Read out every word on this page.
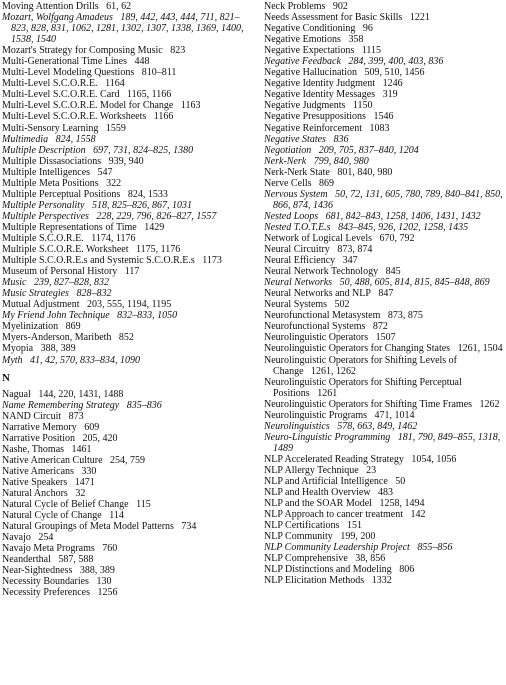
Moving Attention Drills 61, 62
Mozart, Wolfgang Amadeus 189, 442, 443, 444, 711, 821–823, 828, 831, 1062, 1281, 1302, 1307, 1338, 1369, 1400, 1538, 1540
Mozart's Strategy for Composing Music 823
Multi-Generational Time Lines 448
Multi-Level Modeling Questions 810–811
Multi-Level S.C.O.R.E. 1164
Multi-Level S.C.O.R.E. Card 1165, 1166
Multi-Level S.C.O.R.E. Model for Change 1163
Multi-Level S.C.O.R.E. Worksheets 1166
Multi-Sensory Learning 1559
Multimedia 824, 1558
Multiple Description 697, 731, 824–825, 1380
Multiple Dissasociations 939, 940
Multiple Intelligences 547
Multiple Meta Positions 322
Multiple Perceptual Positions 824, 1533
Multiple Personality 518, 825–826, 867, 1031
Multiple Perspectives 228, 229, 796, 826–827, 1557
Multiple Representations of Time 1429
Multiple S.C.O.R.E. 1174, 1176
Multiple S.C.O.R.E. Worksheet 1175, 1176
Multiple S.C.O.R.E.s and Systemic S.C.O.R.E.s 1173
Museum of Personal History 117
Music 239, 827–828, 832
Music Strategies 828–832
Mutual Adjustment 203, 555, 1194, 1195
My Friend John Technique 832–833, 1050
Myelinization 869
Myers-Anderson, Maribeth 852
Myopia 388, 389
Myth 41, 42, 570, 833–834, 1090
N
Nagual 144, 220, 1431, 1488
Name Remembering Strategy 835–836
NAND Circuit 873
Narrative Memory 609
Narrative Position 205, 420
Nashe, Thomas 1461
Native American Culture 254, 759
Native Americans 330
Native Speakers 1471
Natural Anchors 32
Natural Cycle of Belief Change 115
Natural Cycle of Change 114
Natural Groupings of Meta Model Patterns 734
Navajo 254
Navajo Meta Programs 760
Neanderthal 587, 588
Near-Sightedness 388, 389
Necessity Boundaries 130
Necessity Preferences 1256
Neck Problems 902
Needs Assessment for Basic Skills 1221
Negative Conditioning 96
Negative Emotions 358
Negative Expectations 1115
Negative Feedback 284, 399, 400, 403, 836
Negative Hallucination 509, 510, 1456
Negative Identity Judgment 1246
Negative Identity Messages 319
Negative Judgments 1150
Negative Presuppositions 1546
Negative Reinforcement 1083
Negative States 836
Negotiation 209, 705, 837–840, 1204
Nerk-Nerk 799, 840, 980
Nerk-Nerk State 801, 840, 980
Nerve Cells 869
Nervous System 50, 72, 131, 605, 780, 789, 840–841, 850, 866, 874, 1436
Nested Loops 681, 842–843, 1258, 1406, 1431, 1432
Nested T.O.T.E.s 843–845, 926, 1202, 1258, 1435
Network of Logical Levels 670, 792
Neural Circuitry 873, 874
Neural Efficiency 347
Neural Network Technology 845
Neural Networks 50, 488, 605, 814, 815, 845–848, 869
Neural Networks and NLP 847
Neural Systems 502
Neurofunctional Metasystem 873, 875
Neurofunctional Systems 872
Neurolinguistic Operators 1507
Neurolinguistic Operators for Changing States 1261, 1504
Neurolinguistic Operators for Shifting Levels of Change 1261, 1262
Neurolinguistic Operators for Shifting Perceptual Positions 1261
Neurolinguistic Operators for Shifting Time Frames 1262
Neurolinguistic Programs 471, 1014
Neurolinguistics 578, 663, 849, 1462
Neuro-Linguistic Programming 181, 790, 849–855, 1318, 1489
NLP Accelerated Reading Strategy 1054, 1056
NLP Allergy Technique 23
NLP and Artificial Intelligence 50
NLP and Health Overview 483
NLP and the SOAR Model 1258, 1494
NLP Approach to cancer treatment 142
NLP Certifications 151
NLP Community 199, 200
NLP Community Leadership Project 855–856
NLP Comprehensive 38, 856
NLP Distinctions and Modeling 806
NLP Elicitation Methods 1332
